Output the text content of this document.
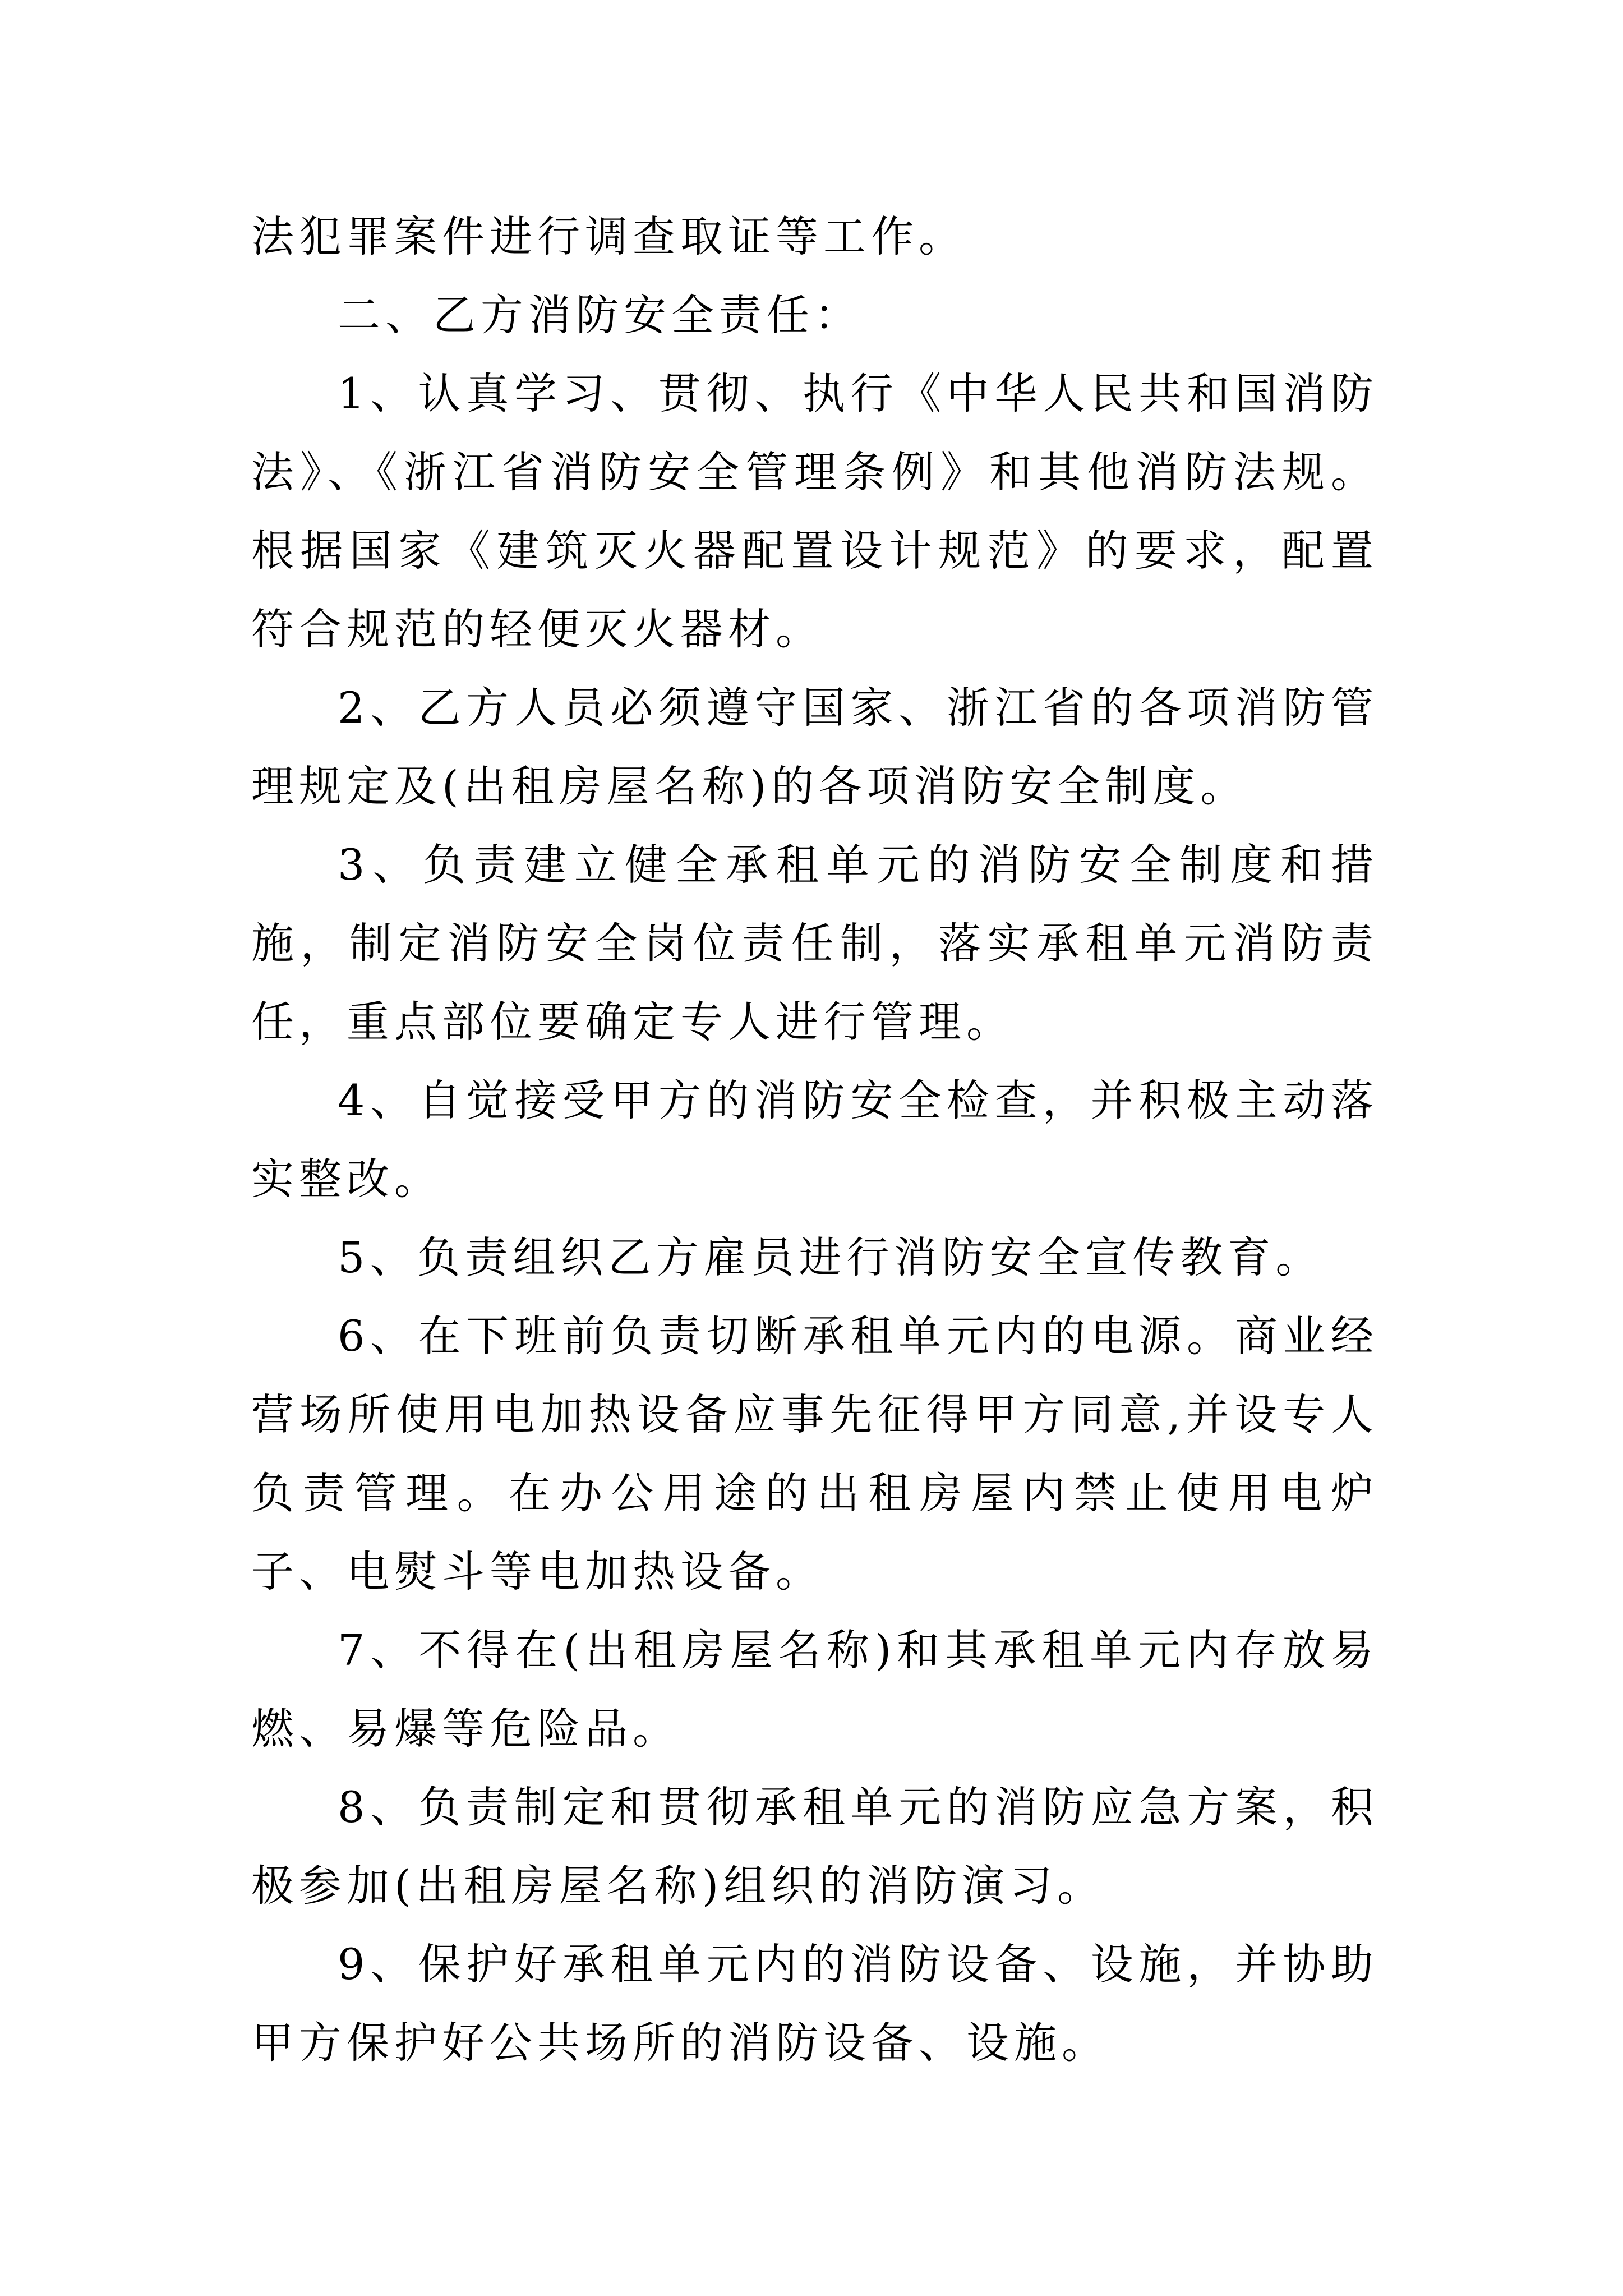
法犯罪案件进行调查取证等工作。

二、乙方消防安全责任：

1、认真学习、贯彻、执行《中华人民共和国消防法》、《浙江省消防安全管理条例》和其他消防法规。根据国家《建筑灭火器配置设计规范》的要求，配置符合规范的轻便灭火器材。

2、乙方人员必须遵守国家、浙江省的各项消防管理规定及(出租房屋名称)的各项消防安全制度。

3、负责建立健全承租单元的消防安全制度和措施，制定消防安全岗位责任制，落实承租单元消防责任，重点部位要确定专人进行管理。

4、自觉接受甲方的消防安全检查，并积极主动落实整改。

5、负责组织乙方雇员进行消防安全宣传教育。

6、在下班前负责切断承租单元内的电源。商业经营场所使用电加热设备应事先征得甲方同意,并设专人负责管理。在办公用途的出租房屋内禁止使用电炉子、电熨斗等电加热设备。

7、不得在(出租房屋名称)和其承租单元内存放易燃、易爆等危险品。

8、负责制定和贯彻承租单元的消防应急方案，积极参加(出租房屋名称)组织的消防演习。

9、保护好承租单元内的消防设备、设施，并协助甲方保护好公共场所的消防设备、设施。
